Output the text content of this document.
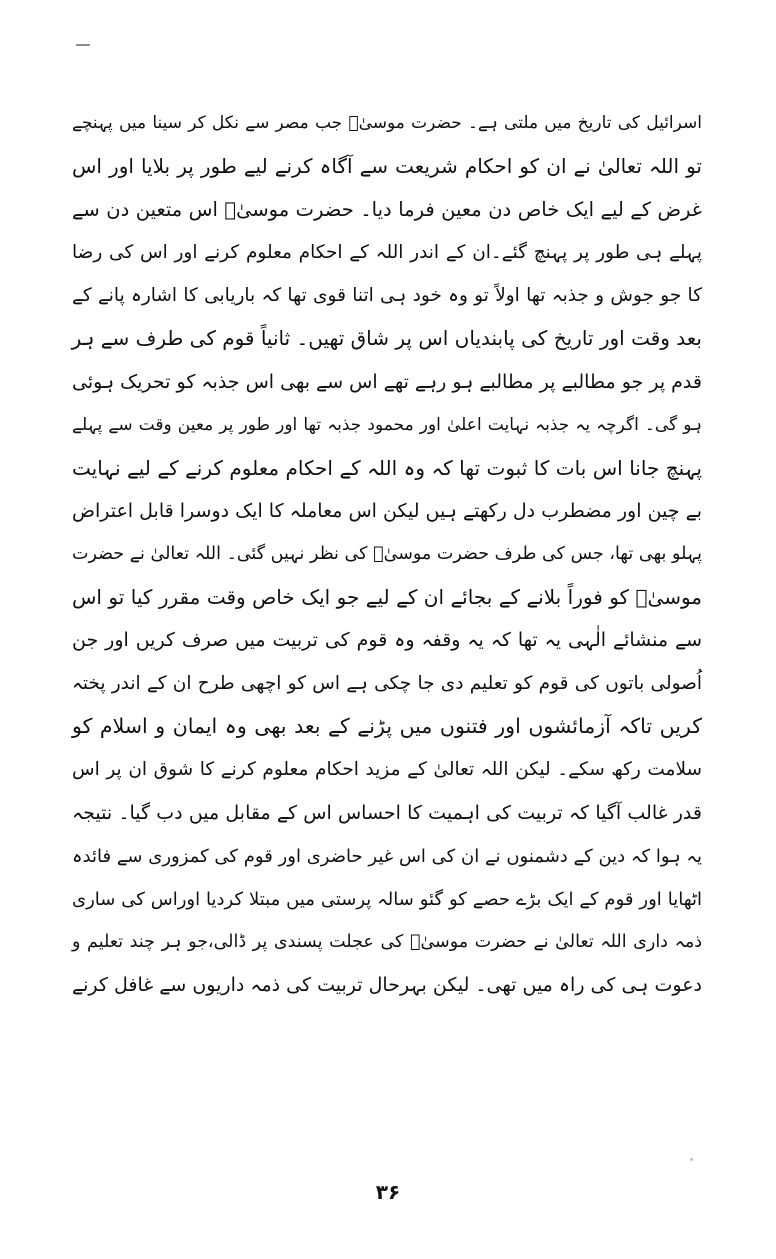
اسرائیل کی تاریخ میں ملتی ہے۔ حضرت موسیٰؑ جب مصر سے نکل کر سینا میں پہنچے
تو اللہ تعالیٰ نے ان کو احکام شریعت سے آگاہ کرنے لیے طور پر بلایا اور اس
غرض کے لیے ایک خاص دن معین فرما دیا۔ حضرت موسیٰؑ اس متعین دن سے
پہلے ہی طور پر پہنچ گئے۔ان کے اندر اللہ کے احکام معلوم کرنے اور اس کی رضا
کا جو جوش و جذبہ تھا اولاً تو وہ خود ہی اتنا قوی تھا کہ باریابی کا اشارہ پانے کے
بعد وقت اور تاریخ کی پابندیاں اس پر شاق تھیں۔ ثانیاً قوم کی طرف سے ہر
قدم پر جو مطالبے پر مطالبے ہو رہے تھے اس سے بھی اس جذبہ کو تحریک ہوئی
ہو گی۔ اگرچہ یہ جذبہ نہایت اعلیٰ اور محمود جذبہ تھا اور طور پر معین وقت سے پہلے
پہنچ جانا اس بات کا ثبوت تھا کہ وہ اللہ کے احکام معلوم کرنے کے لیے نہایت
بے چین اور مضطرب دل رکھتے ہیں لیکن اس معاملہ کا ایک دوسرا قابل اعتراض
پہلو بھی تھا، جس کی طرف حضرت موسیٰؑ کی نظر نہیں گئی۔ اللہ تعالیٰ نے حضرت
موسیٰؑ کو فوراً بلانے کے بجائے ان کے لیے جو ایک خاص وقت مقرر کیا تو اس
سے منشائے الٰہی یہ تھا کہ یہ وقفہ وہ قوم کی تربیت میں صرف کریں اور جن
اُصولی باتوں کی قوم کو تعلیم دی جا چکی ہے اس کو اچھی طرح ان کے اندر پختہ
کریں تاکہ آزمائشوں اور فتنوں میں پڑنے کے بعد بھی وہ ایمان و اسلام کو
سلامت رکھ سکے۔ لیکن اللہ تعالیٰ کے مزید احکام معلوم کرنے کا شوق ان پر اس
قدر غالب آگیا کہ تربیت کی اہمیت کا احساس اس کے مقابل میں دب گیا۔ نتیجہ
یہ ہوا کہ دین کے دشمنوں نے ان کی اس غیر حاضری اور قوم کی کمزوری سے فائدہ
اٹھایا اور قوم کے ایک بڑے حصے کو گئو سالہ پرستی میں مبتلا کردیا اوراس کی ساری
ذمہ داری اللہ تعالیٰ نے حضرت موسیٰؑ کی عجلت پسندی پر ڈالی،جو ہر چند تعلیم و
دعوت ہی کی راہ میں تھی۔ لیکن بہرحال تربیت کی ذمہ داریوں سے غافل کرنے
۳۶
